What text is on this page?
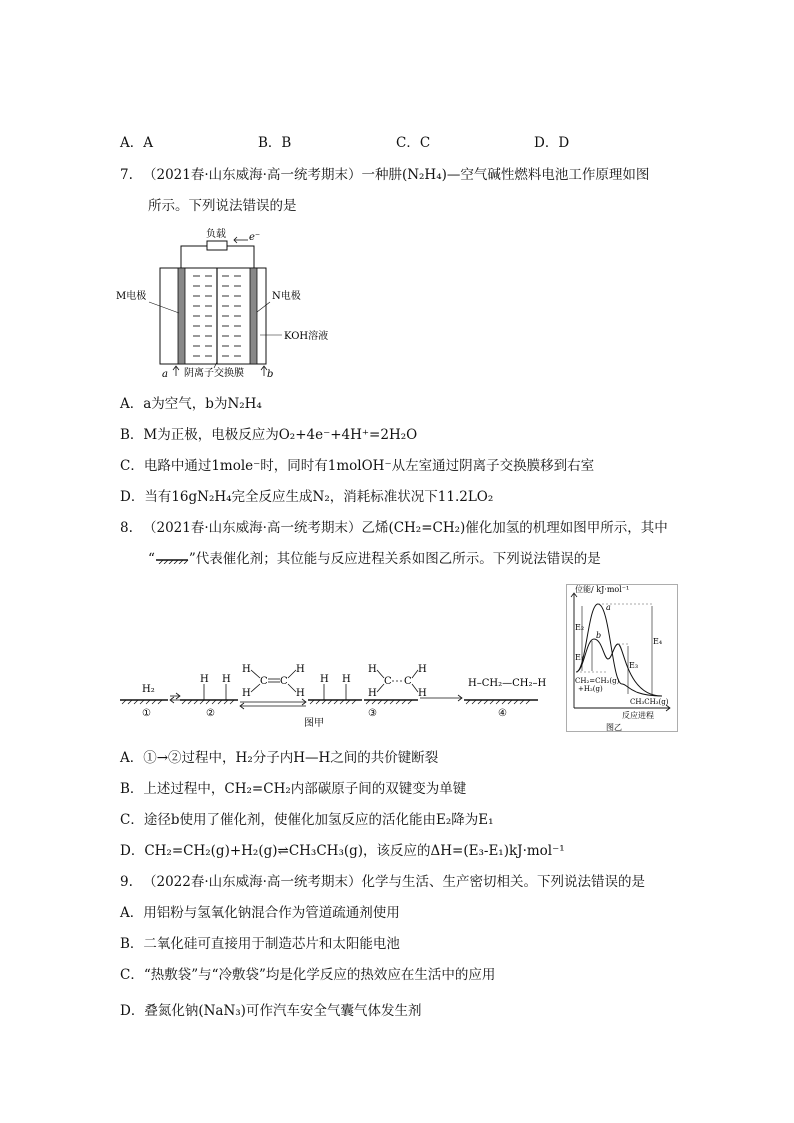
A．A	B．B	C．C	D．D
7. （2021春·山东威海·高一统考期末）一种肼(N₂H₄)—空气碱性燃料电池工作原理如图
所示。下列说法错误的是
负载 e⁻
M电极	N电极
KOH溶液
阴离子交换膜
a	b
A．a为空气，b为N₂H₄
B．M为正极，电极反应为O₂+4e⁻+4H⁺=2H₂O
C．电路中通过1mole⁻时，同时有1molOH⁻从左室通过阴离子交换膜移到右室
D．当有16gN₂H₄完全反应生成N₂，消耗标准状况下11.2LO₂
8. （2021春·山东威海·高一统考期末）乙烯(CH₂=CH₂)催化加氢的机理如图甲所示，其中
“	”代表催化剂；其位能与反应进程关系如图乙所示。下列说法错误的是
H₂
H H
H
C C
H
H	H
H H
H
C C
H
H	H
H–CH₂—CH₂–H
①	②	③	④
图甲
位能/ kJ·mol⁻¹
反应进程
a
b
E₂
E₁
E₃
E₄
CH₂=CH₂(g)
+H₂(g)
CH₃CH₃(g)
图乙
A．①→②过程中，H₂分子内H—H之间的共价键断裂
B．上述过程中，CH₂=CH₂内部碳原子间的双键变为单键
C．途径b使用了催化剂，使催化加氢反应的活化能由E₂降为E₁
D．CH₂=CH₂(g)+H₂(g)⇌CH₃CH₃(g)，该反应的ΔH=(E₃-E₁)kJ·mol⁻¹
9. （2022春·山东威海·高一统考期末）化学与生活、生产密切相关。下列说法错误的是
A．用铝粉与氢氧化钠混合作为管道疏通剂使用
B．二氧化硅可直接用于制造芯片和太阳能电池
C．“热敷袋”与“冷敷袋”均是化学反应的热效应在生活中的应用
D．叠氮化钠(NaN₃)可作汽车安全气囊气体发生剂
